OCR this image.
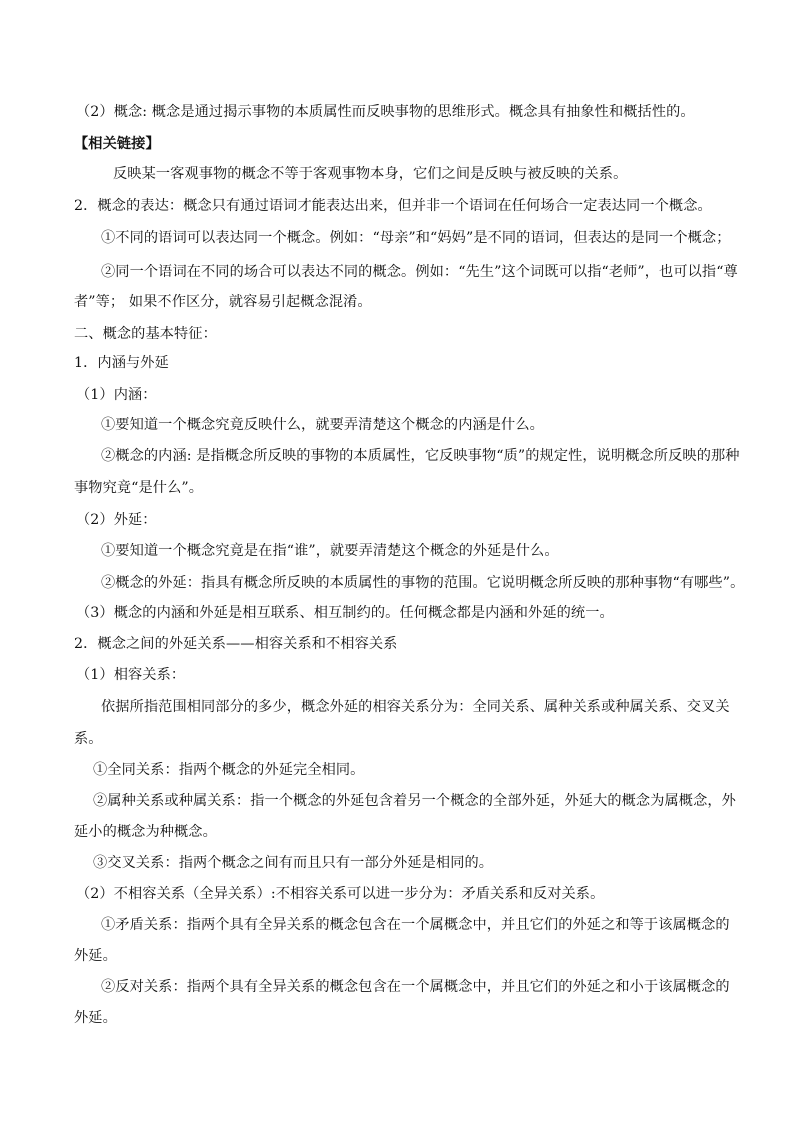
（2）概念: 概念是通过揭示事物的本质属性而反映事物的思维形式。概念具有抽象性和概括性的。
【相关链接】
反映某一客观事物的概念不等于客观事物本身，它们之间是反映与被反映的关系。
2．概念的表达：概念只有通过语词才能表达出来，但并非一个语词在任何场合一定表达同一个概念。
①不同的语词可以表达同一个概念。例如：“母亲”和“妈妈”是不同的语词，但表达的是同一个概念；
②同一个语词在不同的场合可以表达不同的概念。例如：“先生”这个词既可以指“老师”，也可以指“尊
者”等； 如果不作区分，就容易引起概念混淆。
二、概念的基本特征：
1．内涵与外延
（1）内涵：
①要知道一个概念究竟反映什么，就要弄清楚这个概念的内涵是什么。
②概念的内涵: 是指概念所反映的事物的本质属性，它反映事物“质”的规定性，说明概念所反映的那种
事物究竟“是什么”。
（2）外延：
①要知道一个概念究竟是在指“谁”，就要弄清楚这个概念的外延是什么。
②概念的外延：指具有概念所反映的本质属性的事物的范围。它说明概念所反映的那种事物“有哪些”。
（3）概念的内涵和外延是相互联系、相互制约的。任何概念都是内涵和外延的统一。
2．概念之间的外延关系——相容关系和不相容关系
（1）相容关系：
依据所指范围相同部分的多少，概念外延的相容关系分为：全同关系、属种关系或种属关系、交叉关
系。
①全同关系：指两个概念的外延完全相同。
②属种关系或种属关系：指一个概念的外延包含着另一个概念的全部外延，外延大的概念为属概念，外
延小的概念为种概念。
③交叉关系：指两个概念之间有而且只有一部分外延是相同的。
（2）不相容关系（全异关系）:不相容关系可以进一步分为：矛盾关系和反对关系。
①矛盾关系：指两个具有全异关系的概念包含在一个属概念中，并且它们的外延之和等于该属概念的
外延。
②反对关系：指两个具有全异关系的概念包含在一个属概念中，并且它们的外延之和小于该属概念的
外延。
